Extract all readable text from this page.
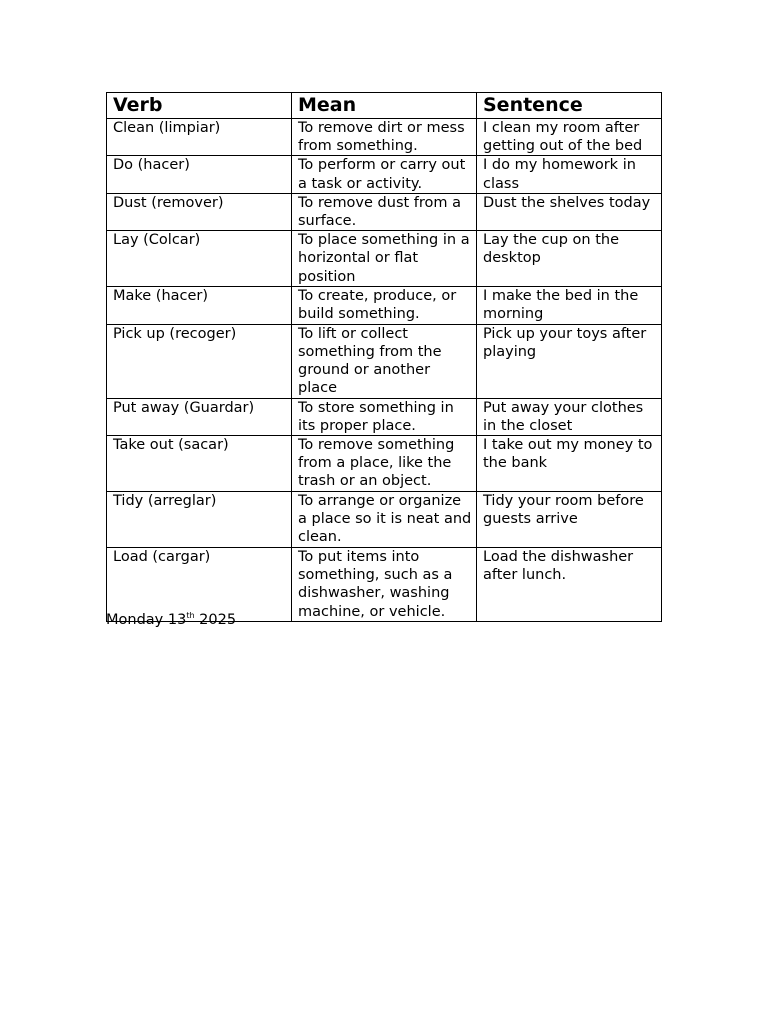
Verb	Mean	Sentence
Clean (limpiar)	To remove dirt or mess from something.	I clean my room after getting out of the bed
Do (hacer)	To perform or carry out a task or activity.	I do my homework in class
Dust (remover)	To remove dust from a surface.	Dust the shelves today
Lay (Colcar)	To place something in a horizontal or flat position	Lay the cup on the desktop
Make (hacer)	To create, produce, or build something.	I make the bed in the morning
Pick up (recoger)	To lift or collect something from the ground or another place	Pick up your toys after playing
Put away (Guardar)	To store something in its proper place.	Put away your clothes in the closet
Take out (sacar)	To remove something from a place, like the trash or an object.	I take out my money to the bank
Tidy (arreglar)	To arrange or organize a place so it is neat and clean.	Tidy your room before guests arrive
Load (cargar)	To put items into something, such as a dishwasher, washing machine, or vehicle.	Load the dishwasher after lunch.
Monday 13th 2025
